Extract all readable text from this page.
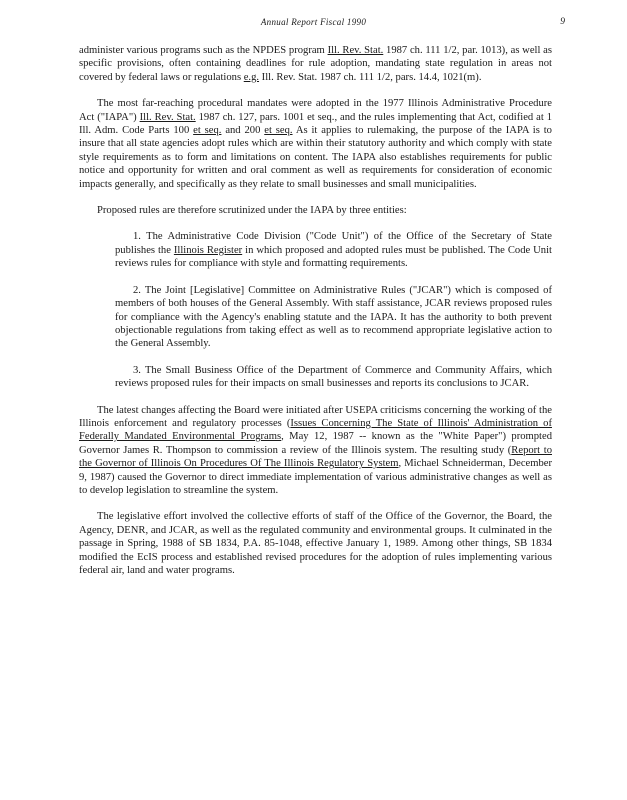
Annual Report Fiscal 1990	9

administer various programs such as the NPDES program Ill. Rev. Stat. 1987 ch. 111 1/2, par. 1013), as well as specific provisions, often containing deadlines for rule adoption, mandating state regulation in areas not covered by federal laws or regulations e.g. Ill. Rev. Stat. 1987 ch. 111 1/2, pars. 14.4, 1021(m).

The most far-reaching procedural mandates were adopted in the 1977 Illinois Administrative Procedure Act ("IAPA") Ill. Rev. Stat. 1987 ch. 127, pars. 1001 et seq., and the rules implementing that Act, codified at 1 Ill. Adm. Code Parts 100 et seq. and 200 et seq. As it applies to rulemaking, the purpose of the IAPA is to insure that all state agencies adopt rules which are within their statutory authority and which comply with state style requirements as to form and limitations on content. The IAPA also establishes requirements for public notice and opportunity for written and oral comment as well as requirements for consideration of economic impacts generally, and specifically as they relate to small businesses and small municipalities.

Proposed rules are therefore scrutinized under the IAPA by three entities:

1. The Administrative Code Division ("Code Unit") of the Office of the Secretary of State publishes the Illinois Register in which proposed and adopted rules must be published. The Code Unit reviews rules for compliance with style and formatting requirements.

2. The Joint [Legislative] Committee on Administrative Rules ("JCAR") which is composed of members of both houses of the General Assembly. With staff assistance, JCAR reviews proposed rules for compliance with the Agency's enabling statute and the IAPA. It has the authority to both prevent objectionable regulations from taking effect as well as to recommend appropriate legislative action to the General Assembly.

3. The Small Business Office of the Department of Commerce and Community Affairs, which reviews proposed rules for their impacts on small businesses and reports its conclusions to JCAR.

The latest changes affecting the Board were initiated after USEPA criticisms concerning the working of the Illinois enforcement and regulatory processes (Issues Concerning The State of Illinois' Administration of Federally Mandated Environmental Programs, May 12, 1987 -- known as the "White Paper") prompted Governor James R. Thompson to commission a review of the Illinois system. The resulting study (Report to the Governor of Illinois On Procedures Of The Illinois Regulatory System, Michael Schneiderman, December 9, 1987) caused the Governor to direct immediate implementation of various administrative changes as well as to develop legislation to streamline the system.

The legislative effort involved the collective efforts of staff of the Office of the Governor, the Board, the Agency, DENR, and JCAR, as well as the regulated community and environmental groups. It culminated in the passage in Spring, 1988 of SB 1834, P.A. 85-1048, effective January 1, 1989. Among other things, SB 1834 modified the EcIS process and established revised procedures for the adoption of rules implementing various federal air, land and water programs.
